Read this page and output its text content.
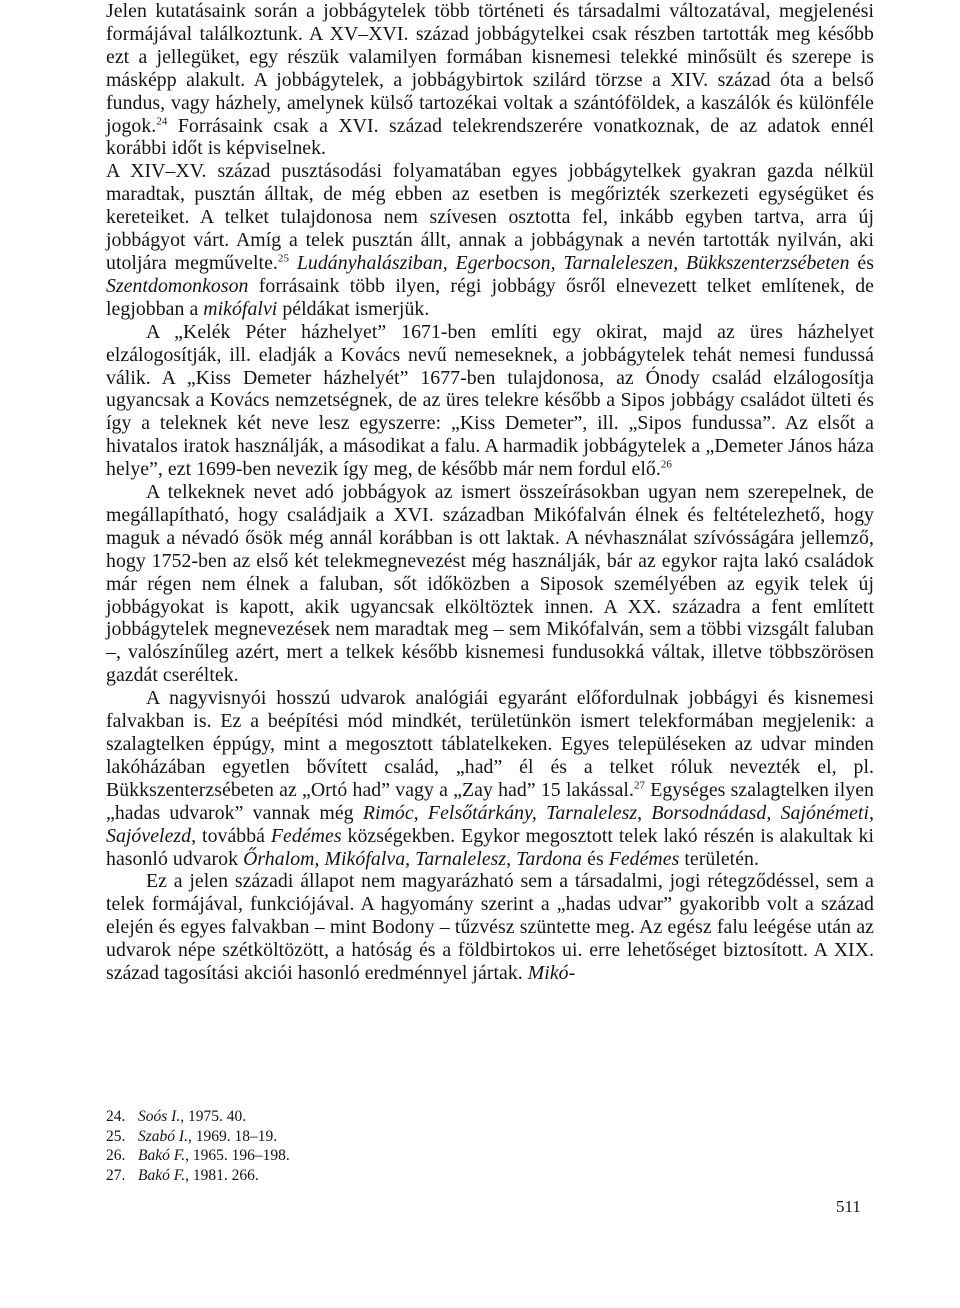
Jelen kutatásaink során a jobbágytelek több történeti és társadalmi változatával, megjelenési formájával találkoztunk. A XV–XVI. század jobbágytelkei csak részben tartották meg később ezt a jellegüket, egy részük valamilyen formában kisnemesi telekké minősült és szerepe is másképp alakult. A jobbágytelek, a jobbágybirtok szilárd törzse a XIV. század óta a belső fundus, vagy házhely, amelynek külső tartozékai voltak a szántóföldek, a kaszálók és különféle jogok.$^{24}$ Forrásaink csak a XVI. század telekrendszerére vonatkoznak, de az adatok ennél korábbi időt is képviselnek.

A XIV–XV. század pusztásodási folyamatában egyes jobbágytelkek gyakran gazda nélkül maradtak, pusztán álltak, de még ebben az esetben is megőrizték szerkezeti egységüket és kereteiket. A telket tulajdonosa nem szívesen osztotta fel, inkább egyben tartva, arra új jobbágyot várt. Amíg a telek pusztán állt, annak a jobbágynak a nevén tartották nyilván, aki utoljára megművelte.$^{25}$ Ludányhalásziban, Egerbocson, Tarnaleleszen, Bükkszenterzsébeten és Szentdomonkoson forrásaink több ilyen, régi jobbágy ősről elnevezett telket említenek, de legjobban a mikófalvi példákat ismerjük.

A „Kelék Péter házhelyet” 1671-ben említi egy okirat, majd az üres házhelyet elzálogosítják, ill. eladják a Kovács nevű nemeseknek, a jobbágytelek tehát nemesi fundussá válik. A „Kiss Demeter házhelyét” 1677-ben tulajdonosa, az Ónody család elzálogosítja ugyancsak a Kovács nemzetségnek, de az üres telekre később a Sipos jobbágy családot ülteti és így a teleknek két neve lesz egyszerre: „Kiss Demeter”, ill. „Sipos fundussa”. Az elsőt a hivatalos iratok használják, a másodikat a falu. A harmadik jobbágytelek a „Demeter János háza helye”, ezt 1699-ben nevezik így meg, de később már nem fordul elő.$^{26}$

A telkeknek nevet adó jobbágyok az ismert összeírásokban ugyan nem szerepelnek, de megállapítható, hogy családjaik a XVI. században Mikófalván élnek és feltételezhető, hogy maguk a névadó ősök még annál korábban is ott laktak. A névhasználat szívósságára jellemző, hogy 1752-ben az első két telekmegnevezést még használják, bár az egykor rajta lakó családok már régen nem élnek a faluban, sőt időközben a Siposok személyében az egyik telek új jobbágyokat is kapott, akik ugyancsak elköltöztek innen. A XX. századra a fent említett jobbágytelek megnevezések nem maradtak meg – sem Mikófalván, sem a többi vizsgált faluban –, valószínűleg azért, mert a telkek később kisnemesi fundusokká váltak, illetve többszörösen gazdát cseréltek.

A nagyvisnyói hosszú udvarok analógiái egyaránt előfordulnak jobbágyi és kisnemesi falvakban is. Ez a beépítési mód mindkét, területünkön ismert telekformában megjelenik: a szalagtelken éppúgy, mint a megosztott táblatelkeken. Egyes településeken az udvar minden lakóházában egyetlen bővített család, „had” él és a telket róluk nevezték el, pl. Bükkszenterzsébeten az „Ortó had” vagy a „Zay had” 15 lakással.$^{27}$ Egységes szalagtelken ilyen „hadas udvarok” vannak még Rimóc, Felsőtárkány, Tarnalelesz, Borsodnádasd, Sajónémeti, Sajóvelezd, továbbá Fedémes községekben. Egykor megosztott telek lakó részén is alakultak ki hasonló udvarok Őrhalom, Mikófalva, Tarnalelesz, Tardona és Fedémes területén.

Ez a jelen századi állapot nem magyarázható sem a társadalmi, jogi rétegződéssel, sem a telek formájával, funkciójával. A hagyomány szerint a „hadas udvar” gyakoribb volt a század elején és egyes falvakban – mint Bodony – tűzvész szüntette meg. Az egész falu leégése után az udvarok népe szétköltözött, a hatóság és a földbirtokos ui. erre lehetőséget biztosított. A XIX. század tagosítási akciói hasonló eredménnyel jártak. Mikó-

24. Soós I., 1975. 40.
25. Szabó I., 1969. 18–19.
26. Bakó F., 1965. 196–198.
27. Bakó F., 1981. 266.
511
